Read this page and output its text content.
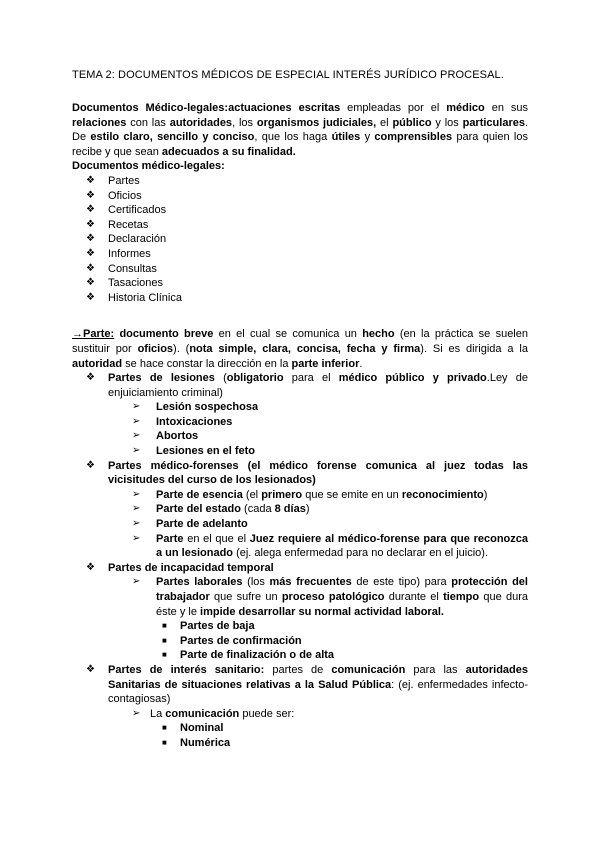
TEMA 2: DOCUMENTOS MÉDICOS DE ESPECIAL INTERÉS JURÍDICO PROCESAL.

Documentos Médico-legales:actuaciones escritas empleadas por el médico en sus relaciones con las autoridades, los organismos judiciales, el público y los particulares. De estilo claro, sencillo y conciso, que los haga útiles y comprensibles para quien los recibe y que sean adecuados a su finalidad.

Documentos médico-legales:

❖ Partes
❖ Oficios
❖ Certificados
❖ Recetas
❖ Declaración
❖ Informes
❖ Consultas
❖ Tasaciones
❖ Historia Clínica

→Parte: documento breve en el cual se comunica un hecho (en la práctica se suelen sustituir por oficios). (nota simple, clara, concisa, fecha y firma). Si es dirigida a la autoridad se hace constar la dirección en la parte inferior.

❖ Partes de lesiones (obligatorio para el médico público y privado.Ley de enjuiciamiento criminal)
➢ Lesión sospechosa
➢ Intoxicaciones
➢ Abortos
➢ Lesiones en el feto
❖ Partes médico-forenses (el médico forense comunica al juez todas las vicisitudes del curso de los lesionados)
➢ Parte de esencia (el primero que se emite en un reconocimiento)
➢ Parte del estado (cada 8 días)
➢ Parte de adelanto
➢ Parte en el que el Juez requiere al médico-forense para que reconozca a un lesionado (ej. alega enfermedad para no declarar en el juicio).
❖ Partes de incapacidad temporal
➢ Partes laborales (los más frecuentes de este tipo) para protección del trabajador que sufre un proceso patológico durante el tiempo que dura éste y le impide desarrollar su normal actividad laboral.
■ Partes de baja
■ Partes de confirmación
■ Parte de finalización o de alta
❖ Partes de interés sanitario: partes de comunicación para las autoridades Sanitarias de situaciones relativas a la Salud Pública: (ej. enfermedades infecto-contagiosas)
➢ La comunicación puede ser:
■ Nominal
■ Numérica
